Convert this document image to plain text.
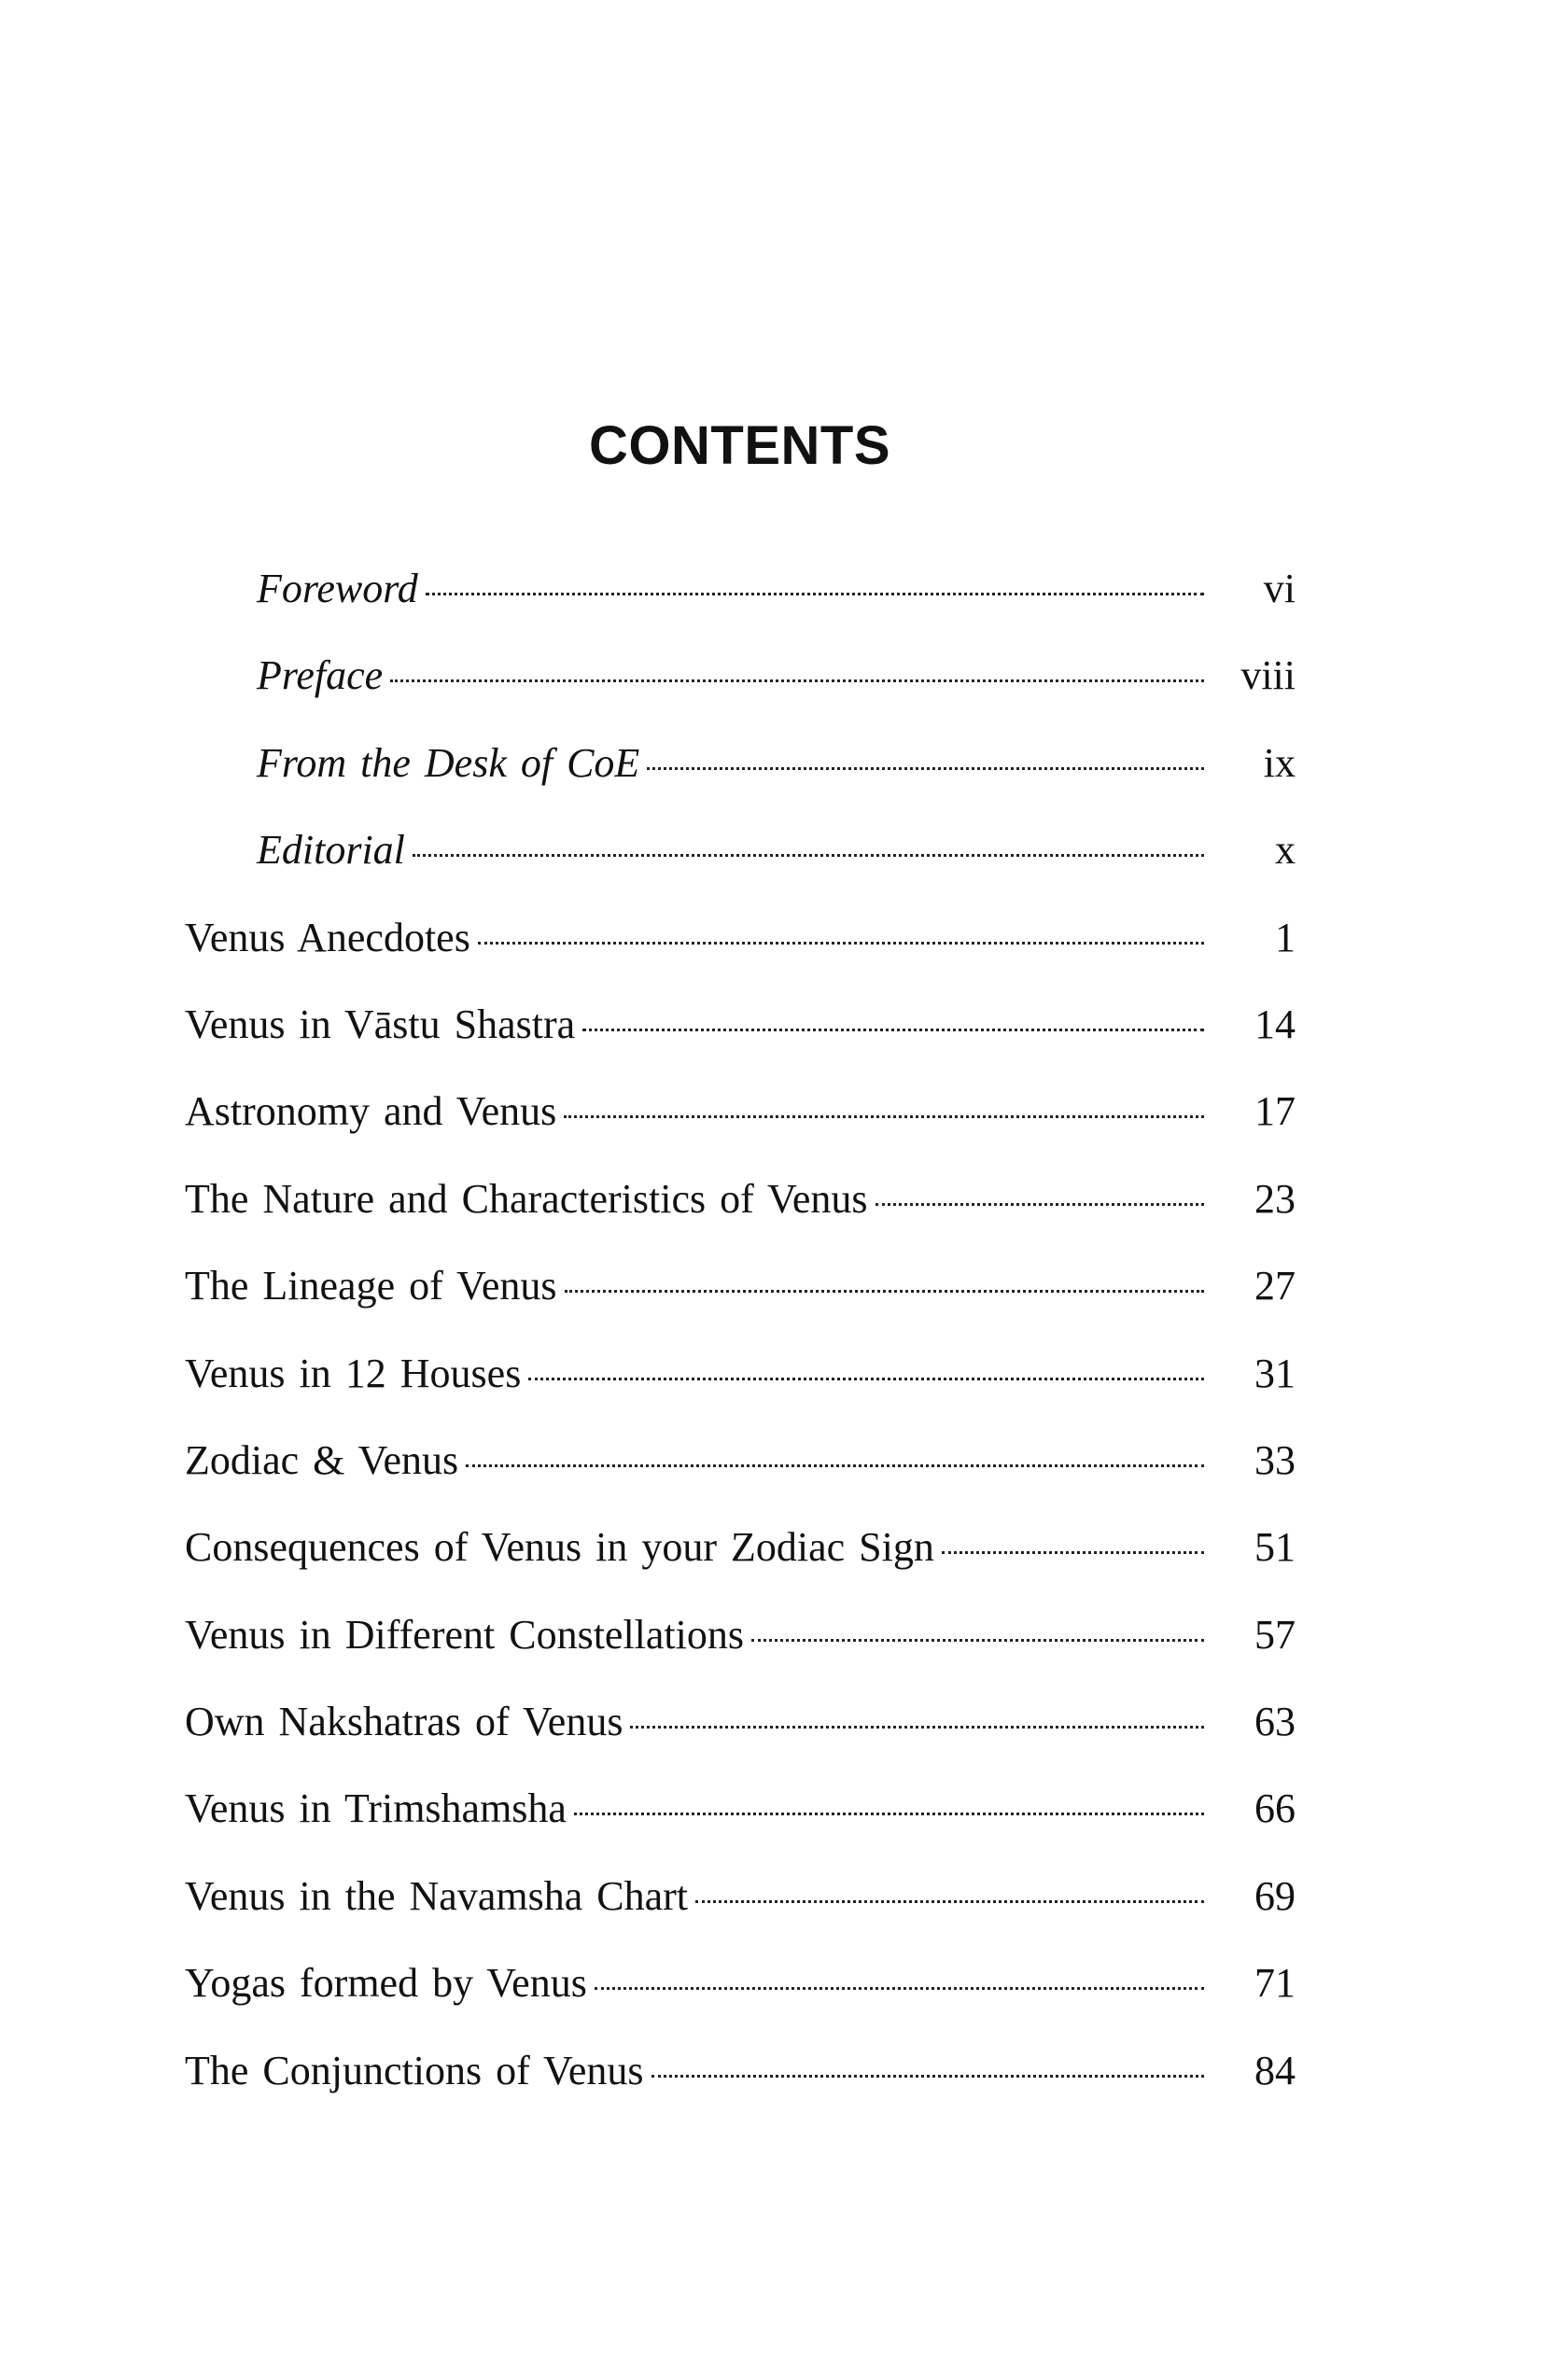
CONTENTS
Foreword	vi
Preface	viii
From the Desk of CoE	ix
Editorial	x
Venus Anecdotes	1
Venus in Vāstu Shastra	14
Astronomy and Venus	17
The Nature and Characteristics of Venus	23
The Lineage of Venus	27
Venus in 12 Houses	31
Zodiac & Venus	33
Consequences of Venus in your Zodiac Sign	51
Venus in Different Constellations	57
Own Nakshatras of Venus	63
Venus in Trimshamsha	66
Venus in the Navamsha Chart	69
Yogas formed by Venus	71
The Conjunctions of Venus	84
